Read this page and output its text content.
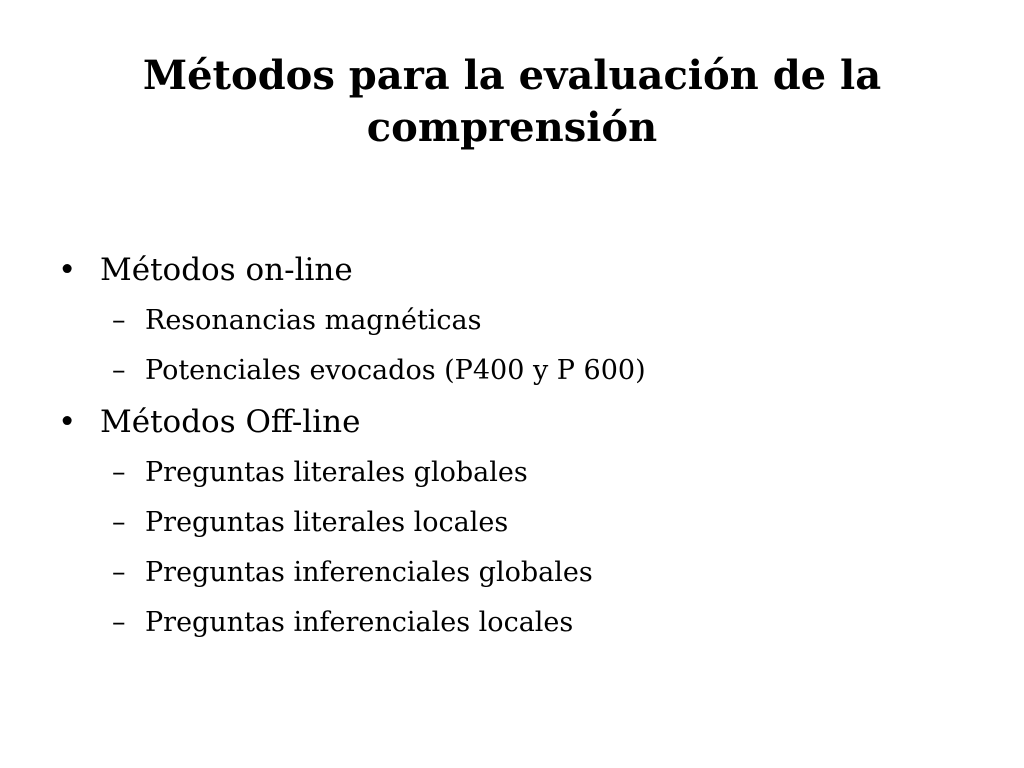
Métodos para la evaluación de la
comprensión
• Métodos on-line
– Resonancias magnéticas
– Potenciales evocados (P400 y P 600)
• Métodos Off-line
– Preguntas literales globales
– Preguntas literales locales
– Preguntas inferenciales globales
– Preguntas inferenciales locales
